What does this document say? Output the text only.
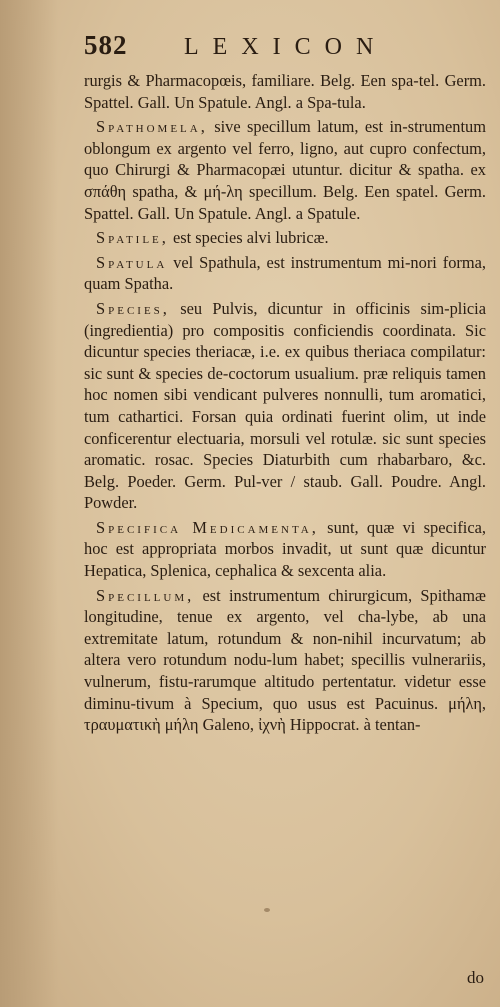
582	LEXICON

rurgis & Pharmacopœis, familiare. Belg. Een spa-tel. Germ. Spattel. Gall. Un Spatule. Angl. a Spa-tula.

Spathomela, sive specillum latum, est in-strumentum oblongum ex argento vel ferro, ligno, aut cupro confectum, quo Chirurgi & Pharmacopæi utuntur. dicitur & spatha. ex σπάθη spatha, & μή-λη specillum. Belg. Een spatel. Germ. Spattel. Gall. Un Spatule. Angl. a Spatule.

Spatile, est species alvi lubricæ.

Spatula vel Spathula, est instrumentum mi-nori forma, quam Spatha.

Species, seu Pulvis, dicuntur in officinis sim-plicia (ingredientia) pro compositis conficiendis coordinata. Sic dicuntur species theriacæ, i.e. ex quibus theriaca compilatur: sic sunt & species de-coctorum usualium. præ reliquis tamen hoc nomen sibi vendicant pulveres nonnulli, tum aromatici, tum cathartici. Forsan quia ordinati fuerint olim, ut inde conficerentur electuaria, morsuli vel rotulæ. sic sunt species aromatic. rosac. Species Diaturbith cum rhabarbaro, &c. Belg. Poeder. Germ. Pul-ver / staub. Gall. Poudre. Angl. Powder.

Specifica Medicamenta, sunt, quæ vi specifica, hoc est appropriata morbos invadit, ut sunt quæ dicuntur Hepatica, Splenica, cephalica & sexcenta alia.

Specillum, est instrumentum chirurgicum, Spithamæ longitudine, tenue ex argento, vel cha-lybe, ab una extremitate latum, rotundum & non-nihil incurvatum; ab altera vero rotundum nodu-lum habet; specillis vulnerariis, vulnerum, fistu-rarumque altitudo pertentatur. videtur esse diminu-tivum à Specium, quo usus est Pacuinus. μήλη, τραυματικὴ μήλη Galeno, ἰχνὴ Hippocrat. à tentan-

do
